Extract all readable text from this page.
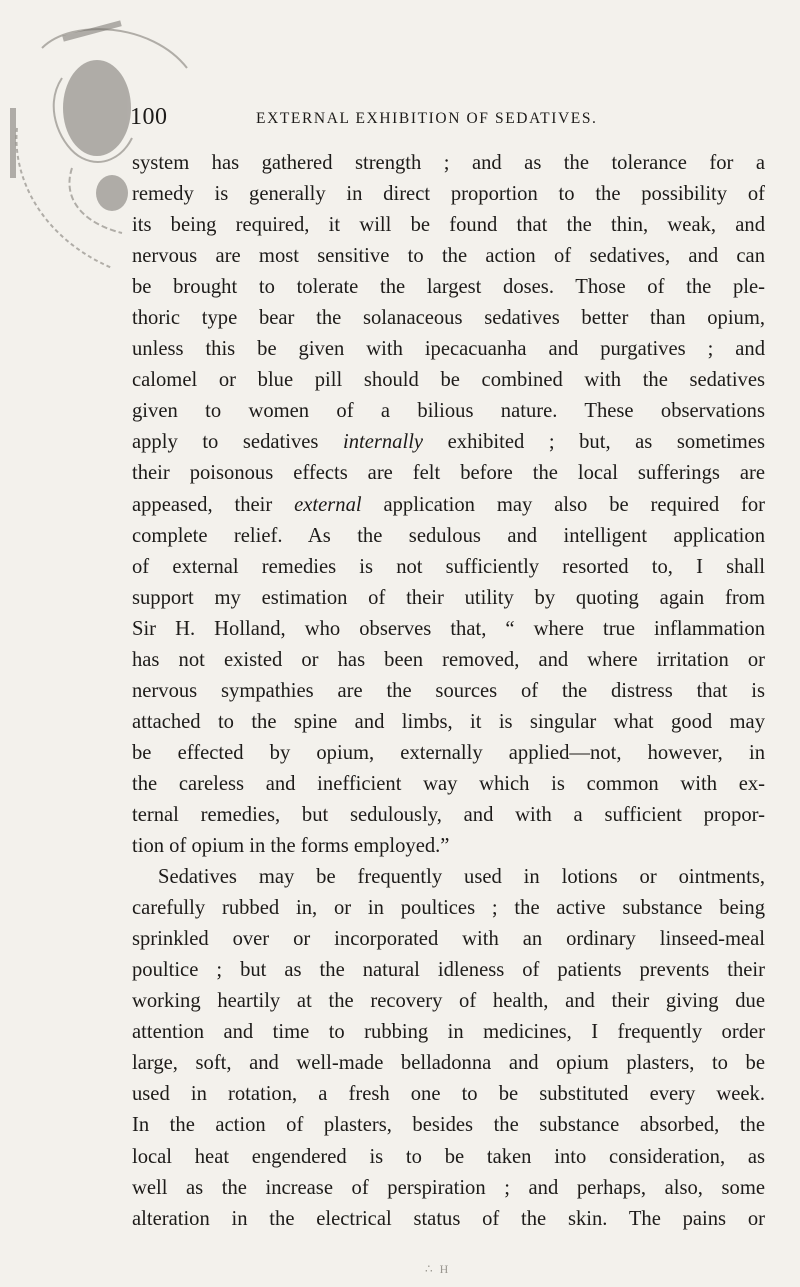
100	EXTERNAL EXHIBITION OF SEDATIVES.
system has gathered strength ; and as the tolerance for a
remedy is generally in direct proportion to the possibility of
its being required, it will be found that the thin, weak, and
nervous are most sensitive to the action of sedatives, and can
be brought to tolerate the largest doses. Those of the ple-
thoric type bear the solanaceous sedatives better than opium,
unless this be given with ipecacuanha and purgatives ; and
calomel or blue pill should be combined with the sedatives
given to women of a bilious nature. These observations
apply to sedatives internally exhibited ; but, as sometimes
their poisonous effects are felt before the local sufferings are
appeased, their external application may also be required for
complete relief. As the sedulous and intelligent application
of external remedies is not sufficiently resorted to, I shall
support my estimation of their utility by quoting again from
Sir H. Holland, who observes that, “ where true inflammation
has not existed or has been removed, and where irritation or
nervous sympathies are the sources of the distress that is
attached to the spine and limbs, it is singular what good may
be effected by opium, externally applied—not, however, in
the careless and inefficient way which is common with ex-
ternal remedies, but sedulously, and with a sufficient propor-
tion of opium in the forms employed.”
Sedatives may be frequently used in lotions or ointments,
carefully rubbed in, or in poultices ; the active substance being
sprinkled over or incorporated with an ordinary linseed-meal
poultice ; but as the natural idleness of patients prevents their
working heartily at the recovery of health, and their giving due
attention and time to rubbing in medicines, I frequently order
large, soft, and well-made belladonna and opium plasters, to be
used in rotation, a fresh one to be substituted every week.
In the action of plasters, besides the substance absorbed, the
local heat engendered is to be taken into consideration, as
well as the increase of perspiration ; and perhaps, also, some
alteration in the electrical status of the skin. The pains or
∴ H
